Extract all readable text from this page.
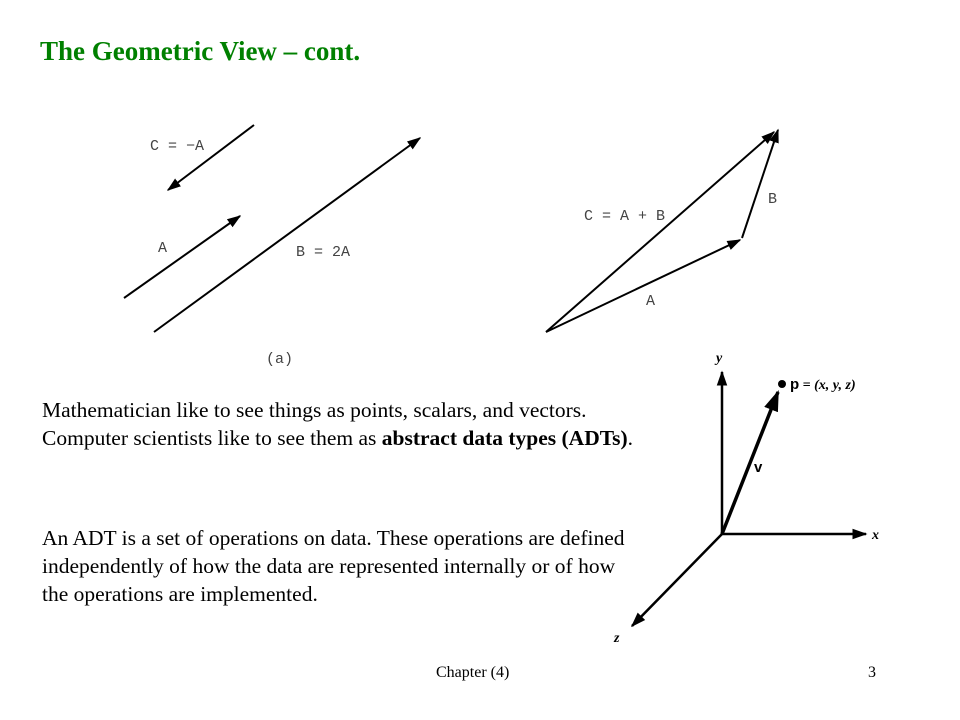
The Geometric View – cont.
C = −A
A	B = 2A
(a)
C = A + B
B
A
y
x
z
v
p = (x, y, z)
Mathematician like to see things as points, scalars, and vectors. Computer scientists like to see them as abstract data types (ADTs).
An ADT is a set of operations on data. These operations are defined independently of how the data are represented internally or of how the operations are implemented.
Chapter (4)	3
